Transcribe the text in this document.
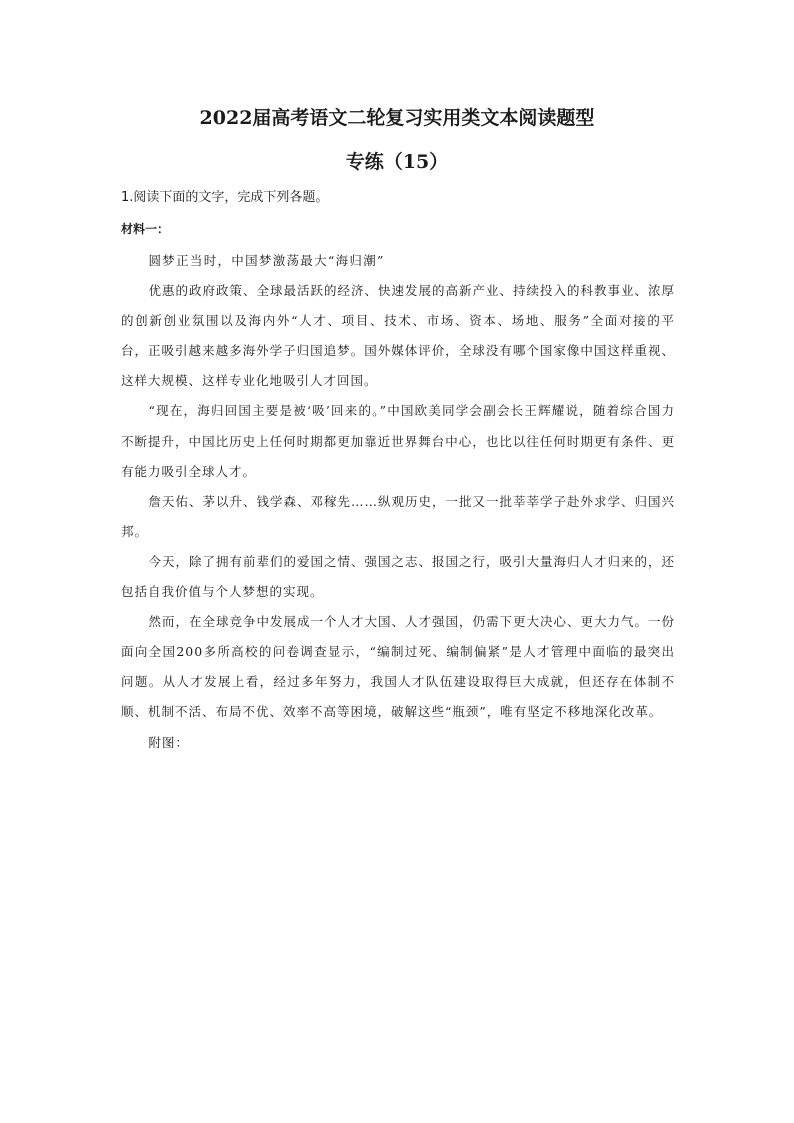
2022届高考语文二轮复习实用类文本阅读题型
专练（15）
1.阅读下面的文字，完成下列各题。
材料一：

圆梦正当时，中国梦激荡最大“海归潮”

优惠的政府政策、全球最活跃的经济、快速发展的高新产业、持续投入的科教事业、浓厚的创新创业氛围以及海内外“人才、项目、技术、市场、资本、场地、服务”全面对接的平台，正吸引越来越多海外学子归国追梦。国外媒体评价，全球没有哪个国家像中国这样重视、这样大规模、这样专业化地吸引人才回国。

“现在，海归回国主要是被‘吸’回来的。”中国欧美同学会副会长王辉耀说，随着综合国力不断提升，中国比历史上任何时期都更加靠近世界舞台中心，也比以往任何时期更有条件、更有能力吸引全球人才。

詹天佑、茅以升、钱学森、邓稼先……纵观历史，一批又一批莘莘学子赴外求学、归国兴邦。

今天，除了拥有前辈们的爱国之情、强国之志、报国之行，吸引大量海归人才归来的，还包括自我价值与个人梦想的实现。

然而，在全球竞争中发展成一个人才大国、人才强国，仍需下更大决心、更大力气。一份面向全国200多所高校的问卷调查显示，“编制过死、编制偏紧”是人才管理中面临的最突出问题。从人才发展上看，经过多年努力，我国人才队伍建设取得巨大成就，但还存在体制不顺、机制不活、布局不优、效率不高等困境，破解这些“瓶颈”，唯有坚定不移地深化改革。

附图：
